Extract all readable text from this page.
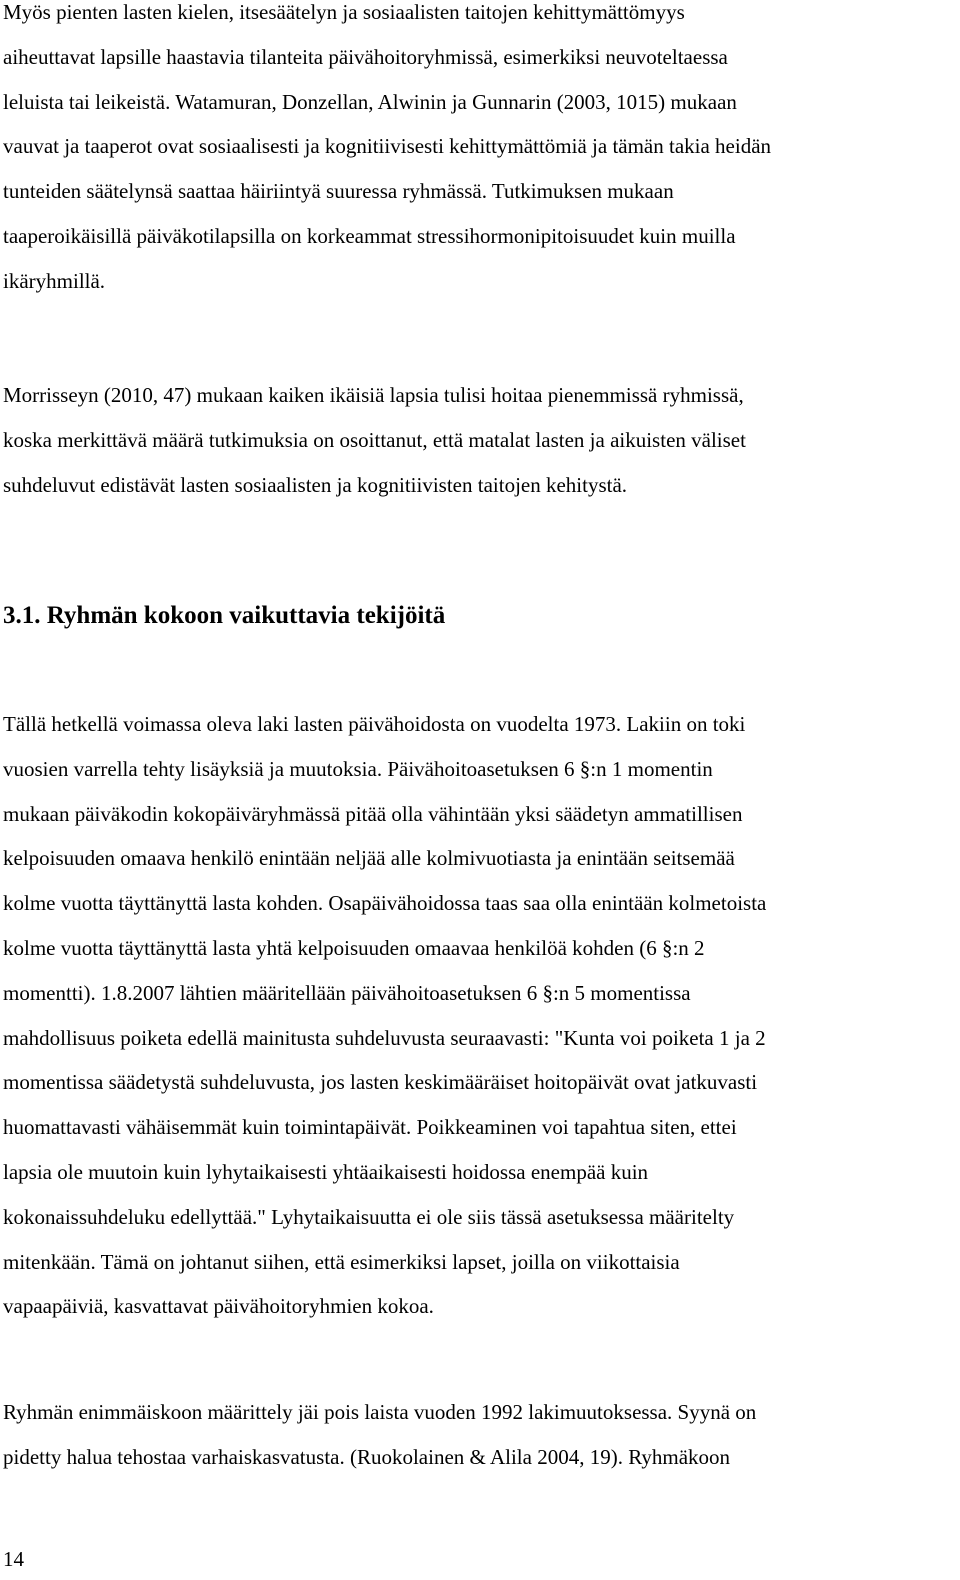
Myös pienten lasten kielen, itsesäätelyn ja sosiaalisten taitojen kehittymättömyys
aiheuttavat lapsille haastavia tilanteita päivähoitoryhmissä, esimerkiksi neuvoteltaessa
leluista tai leikeistä. Watamuran, Donzellan, Alwinin ja Gunnarin (2003, 1015) mukaan
vauvat ja taaperot ovat sosiaalisesti ja kognitiivisesti kehittymättömiä ja tämän takia heidän
tunteiden säätelynsä saattaa häiriintyä suuressa ryhmässä. Tutkimuksen mukaan
taaperoikäisillä päiväkotilapsilla on korkeammat stressihormonipitoisuudet kuin muilla
ikäryhmillä.

Morrisseyn (2010, 47) mukaan kaiken ikäisiä lapsia tulisi hoitaa pienemmissä ryhmissä,
koska merkittävä määrä tutkimuksia on osoittanut, että matalat lasten ja aikuisten väliset
suhdeluvut edistävät lasten sosiaalisten ja kognitiivisten taitojen kehitystä.

3.1. Ryhmän kokoon vaikuttavia tekijöitä

Tällä hetkellä voimassa oleva laki lasten päivähoidosta on vuodelta 1973. Lakiin on toki
vuosien varrella tehty lisäyksiä ja muutoksia. Päivähoitoasetuksen 6 §:n 1 momentin
mukaan päiväkodin kokopäiväryhmässä pitää olla vähintään yksi säädetyn ammatillisen
kelpoisuuden omaava henkilö enintään neljää alle kolmivuotiasta ja enintään seitsemää
kolme vuotta täyttänyttä lasta kohden. Osapäivähoidossa taas saa olla enintään kolmetoista
kolme vuotta täyttänyttä lasta yhtä kelpoisuuden omaavaa henkilöä kohden (6 §:n 2
momentti). 1.8.2007 lähtien määritellään päivähoitoasetuksen 6 §:n 5 momentissa
mahdollisuus poiketa edellä mainitusta suhdeluvusta seuraavasti: "Kunta voi poiketa 1 ja 2
momentissa säädetystä suhdeluvusta, jos lasten keskimääräiset hoitopäivät ovat jatkuvasti
huomattavasti vähäisemmät kuin toimintapäivät. Poikkeaminen voi tapahtua siten, ettei
lapsia ole muutoin kuin lyhytaikaisesti yhtäaikaisesti hoidossa enempää kuin
kokonaissuhdeluku edellyttää." Lyhytaikaisuutta ei ole siis tässä asetuksessa määritelty
mitenkään. Tämä on johtanut siihen, että esimerkiksi lapset, joilla on viikottaisia
vapaapäiviä, kasvattavat päivähoitoryhmien kokoa.

Ryhmän enimmäiskoon määrittely jäi pois laista vuoden 1992 lakimuutoksessa. Syynä on
pidetty halua tehostaa varhaiskasvatusta. (Ruokolainen & Alila 2004, 19). Ryhmäkoon

14
